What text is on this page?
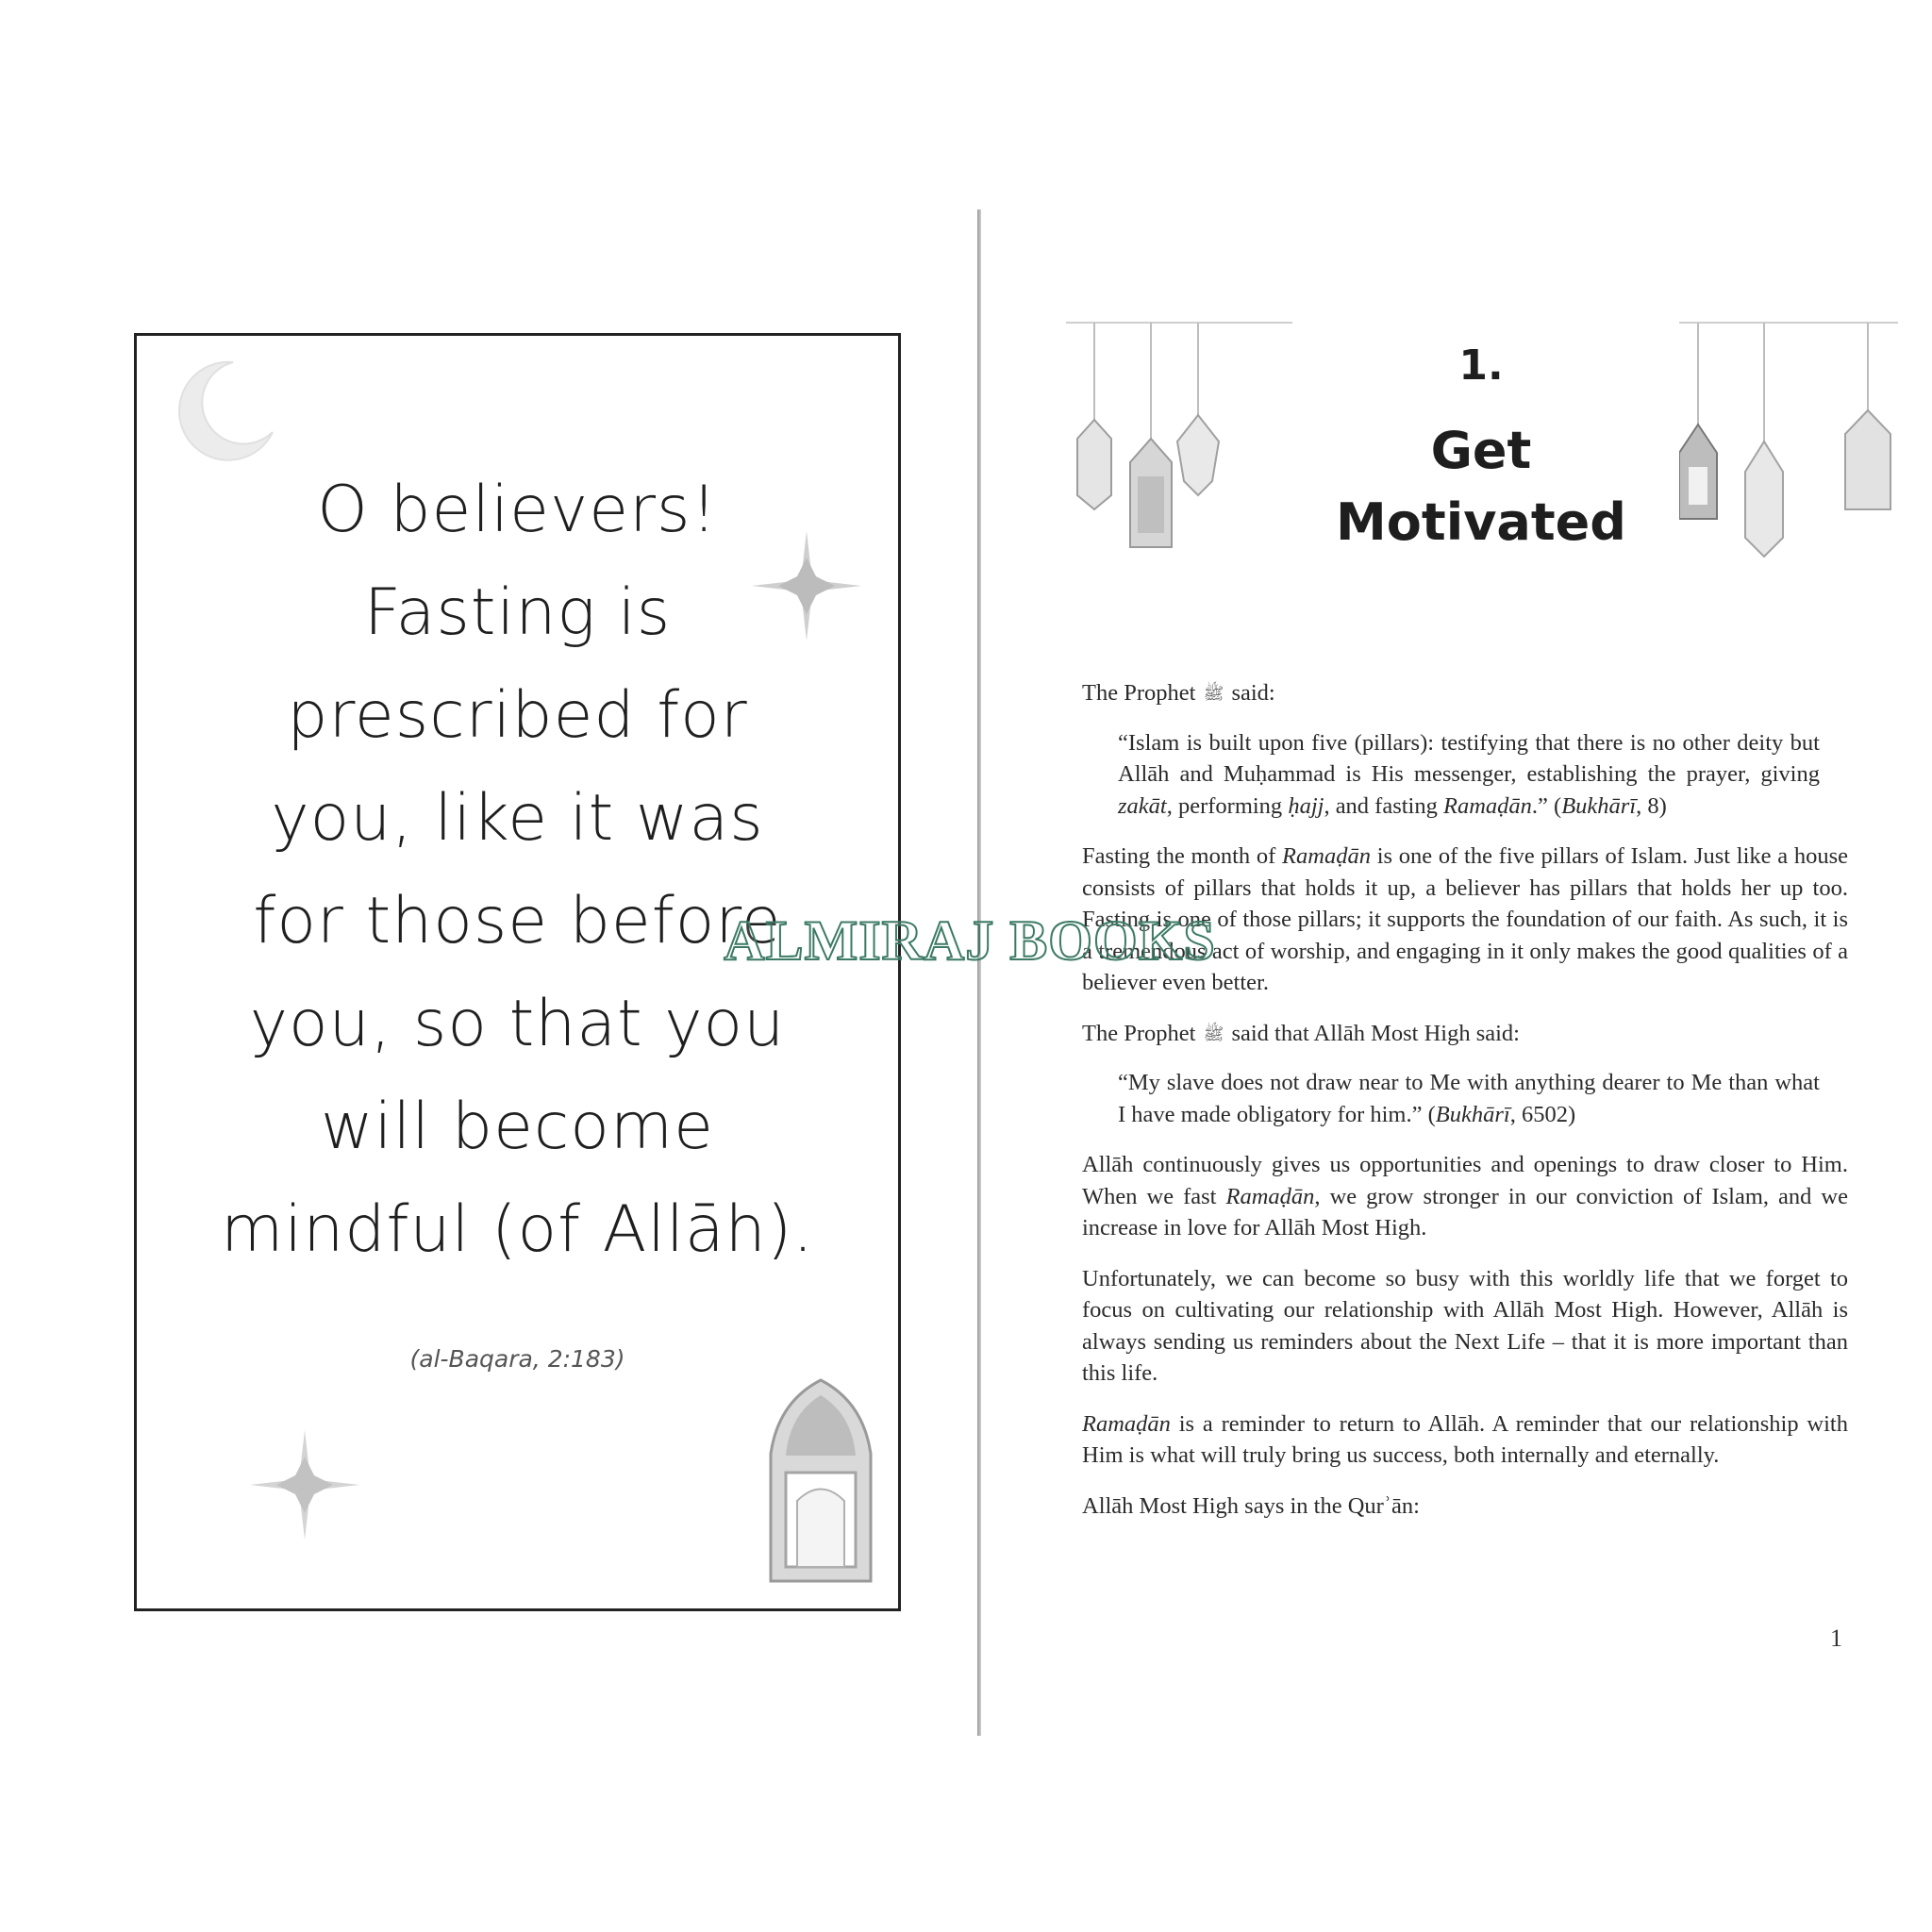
O believers!
Fasting is
prescribed for
you, like it was
for those before
you, so that you
will become
mindful (of Allāh).
(al-Baqara, 2:183)
1.
Get
Motivated

The Prophet ﷺ said:

“Islam is built upon five (pillars): testifying that there is no other deity but Allāh and Muḥammad is His messenger, establishing the prayer, giving zakāt, performing ḥajj, and fasting Ramaḍān.” (Bukhārī, 8)

Fasting the month of Ramaḍān is one of the five pillars of Islam. Just like a house consists of pillars that holds it up, a believer has pillars that holds her up too. Fasting is one of those pillars; it supports the foundation of our faith. As such, it is a tremendous act of worship, and engaging in it only makes the good qualities of a believer even better.

The Prophet ﷺ said that Allāh Most High said:

“My slave does not draw near to Me with anything dearer to Me than what I have made obligatory for him.” (Bukhārī, 6502)

Allāh continuously gives us opportunities and openings to draw closer to Him. When we fast Ramaḍān, we grow stronger in our conviction of Islam, and we increase in love for Allāh Most High.

Unfortunately, we can become so busy with this worldly life that we forget to focus on cultivating our relationship with Allāh Most High. However, Allāh is always sending us reminders about the Next Life – that it is more important than this life.

Ramaḍān is a reminder to return to Allāh. A reminder that our relationship with Him is what will truly bring us success, both internally and eternally.

Allāh Most High says in the Qurʾān:

1
ALMIRAJ BOOKS
